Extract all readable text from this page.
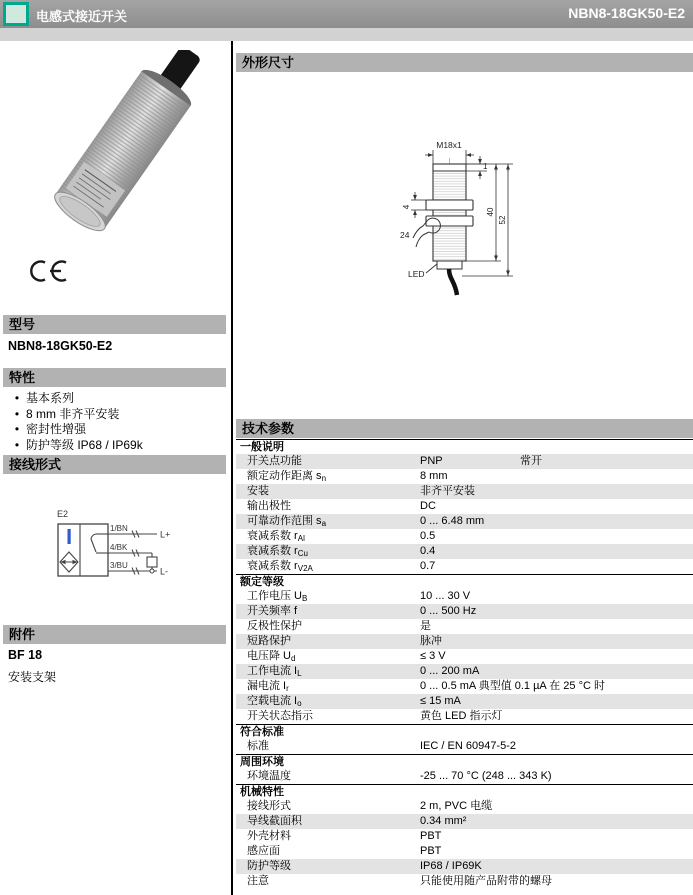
电感式接近开关	NBN8-18GK50-E2
型号
NBN8-18GK50-E2
特性
• 基本系列
• 8 mm 非齐平安装
• 密封性增强
• 防护等级 IP68 / IP69k
接线形式
E2
1/BN
4/BK
3/BU
L+
L-
附件
BF 18
安装支架
外形尺寸
M18x1
1
4
24
40
52
LED
技术参数
一般说明
开关点功能	PNP	常开
额定动作距离 $s_n$	8 mm
安装	非齐平安装
输出极性	DC
可靠动作范围 $s_a$	0 ... 6.48 mm
衰减系数 $r_{Al}$	0.5
衰减系数 $r_{Cu}$	0.4
衰减系数 $r_{V2A}$	0.7
额定等级
工作电压 $U_B$	10 ... 30 V
开关频率 f	0 ... 500 Hz
反极性保护	是
短路保护	脉冲
电压降 $U_d$	≤ 3 V
工作电流 $I_L$	0 ... 200 mA
漏电流 $I_r$	0 ... 0.5 mA 典型值 0.1 µA 在 25 °C 时
空载电流 $I_o$	≤ 15 mA
开关状态指示	黄色 LED 指示灯
符合标准
标准	IEC / EN 60947-5-2
周围环境
环境温度	-25 ... 70 °C (248 ... 343 K)
机械特性
接线形式	2 m, PVC 电缆
导线截面积	0.34 mm²
外壳材料	PBT
感应面	PBT
防护等级	IP68 / IP69K
注意	只能使用随产品附带的螺母
